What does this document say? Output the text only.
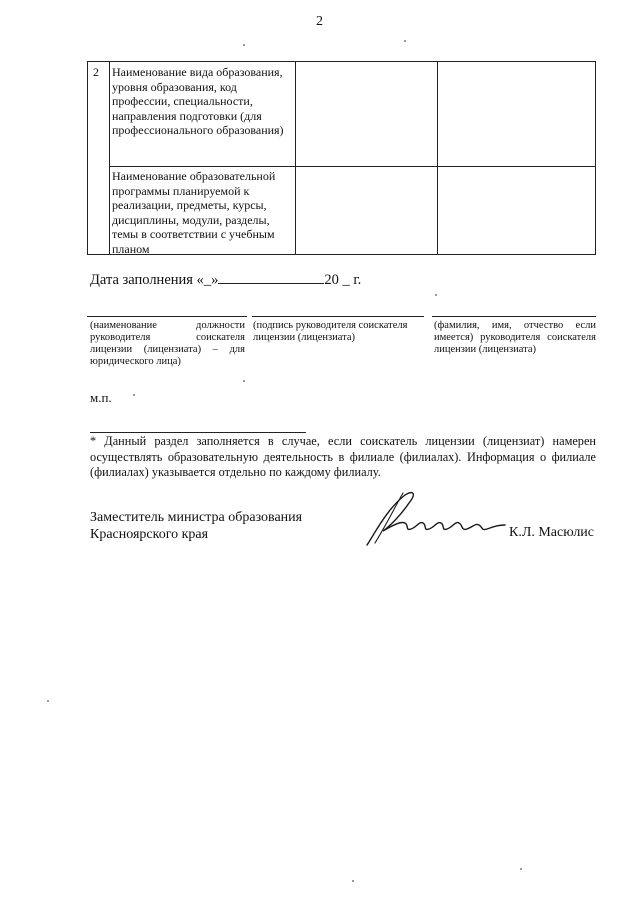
2
2 Наименование вида образования, уровня образования, код профессии, специальности, направления подготовки (для профессионального образования)
Наименование образовательной программы планируемой к реализации, предметы, курсы, дисциплины, модули, разделы, темы в соответствии с учебным планом
Дата заполнения «_»	20 _ г.
(наименование должности руководителя соискателя лицензии (лицензиата) – для юридического лица)
(подпись руководителя соискателя лицензии (лицензиата)
(фамилия, имя, отчество если имеется) руководителя соискателя лицензии (лицензиата)
м.п.
* Данный раздел заполняется в случае, если соискатель лицензии (лицензиат) намерен осуществлять образовательную деятельность в филиале (филиалах). Информация о филиале (филиалах) указывается отдельно по каждому филиалу.
Заместитель министра образования
Красноярского края	К.Л. Масюлис
